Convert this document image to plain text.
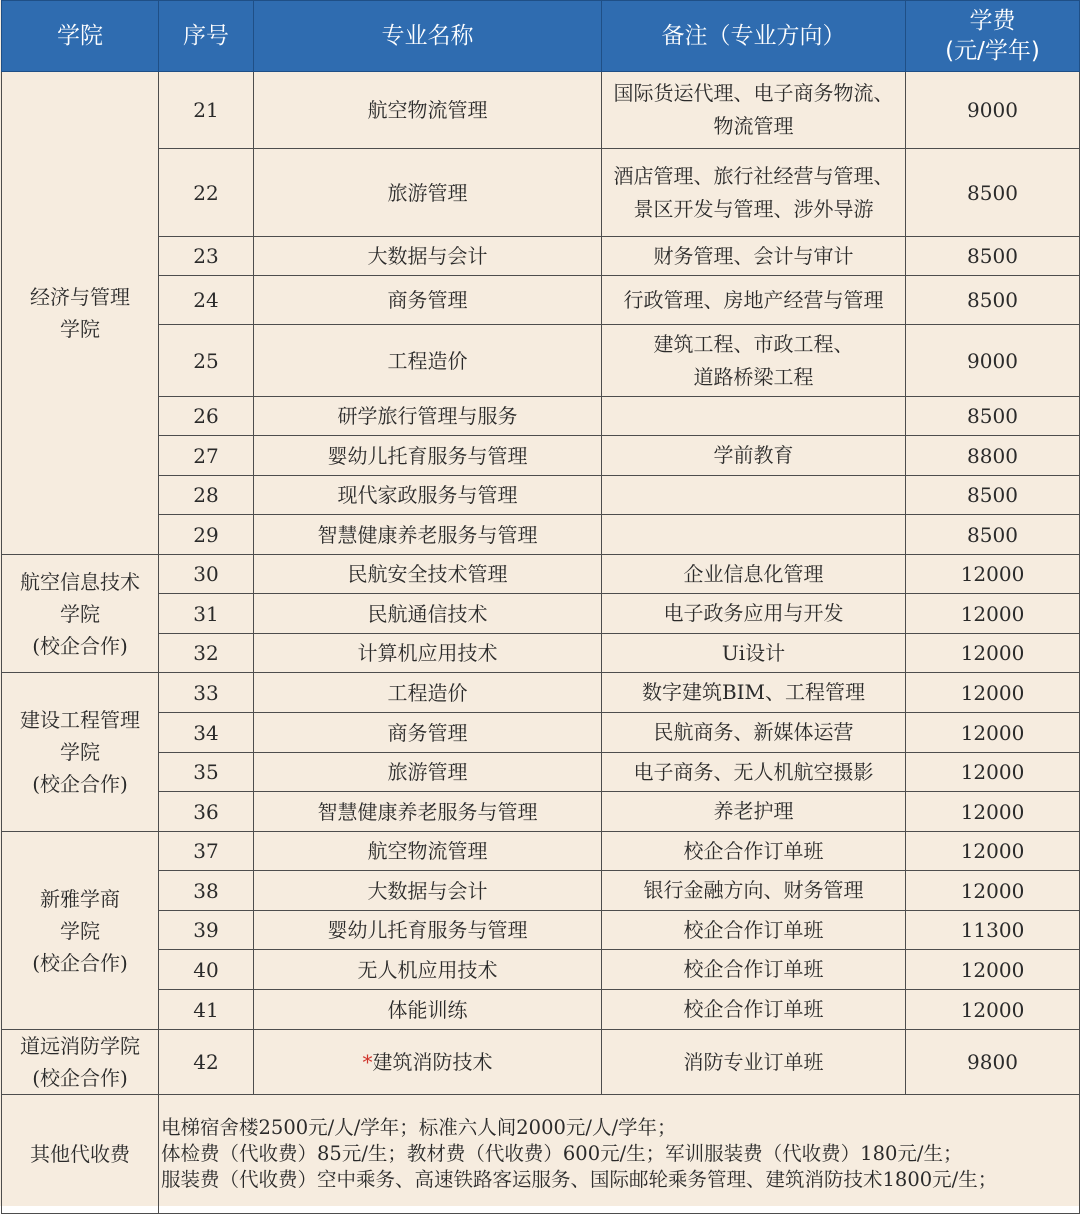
学院	序号	专业名称	备注（专业方向）	学费
(元/学年)

经济与管理
学院	21	航空物流管理	国际货运代理、电子商务物流、
物流管理	9000
	22	旅游管理	酒店管理、旅行社经营与管理、
景区开发与管理、涉外导游	8500
	23	大数据与会计	财务管理、会计与审计	8500
	24	商务管理	行政管理、房地产经营与管理	8500
	25	工程造价	建筑工程、市政工程、
道路桥梁工程	9000
	26	研学旅行管理与服务		8500
	27	婴幼儿托育服务与管理	学前教育	8800
	28	现代家政服务与管理		8500
	29	智慧健康养老服务与管理		8500

航空信息技术
学院
(校企合作)	30	民航安全技术管理	企业信息化管理	12000
	31	民航通信技术	电子政务应用与开发	12000
	32	计算机应用技术	Ui设计	12000

建设工程管理
学院
(校企合作)	33	工程造价	数字建筑BIM、工程管理	12000
	34	商务管理	民航商务、新媒体运营	12000
	35	旅游管理	电子商务、无人机航空摄影	12000
	36	智慧健康养老服务与管理	养老护理	12000

新雅学商
学院
(校企合作)	37	航空物流管理	校企合作订单班	12000
	38	大数据与会计	银行金融方向、财务管理	12000
	39	婴幼儿托育服务与管理	校企合作订单班	11300
	40	无人机应用技术	校企合作订单班	12000
	41	体能训练	校企合作订单班	12000

道远消防学院
(校企合作)	42	*建筑消防技术	消防专业订单班	9800
其他代收费	电梯宿舍楼2500元/人/学年；标准六人间2000元/人/学年；
体检费（代收费）85元/生；教材费（代收费）600元/生；军训服装费（代收费）180元/生；
服装费（代收费）空中乘务、高速铁路客运服务、国际邮轮乘务管理、建筑消防技术1800元/生；			
